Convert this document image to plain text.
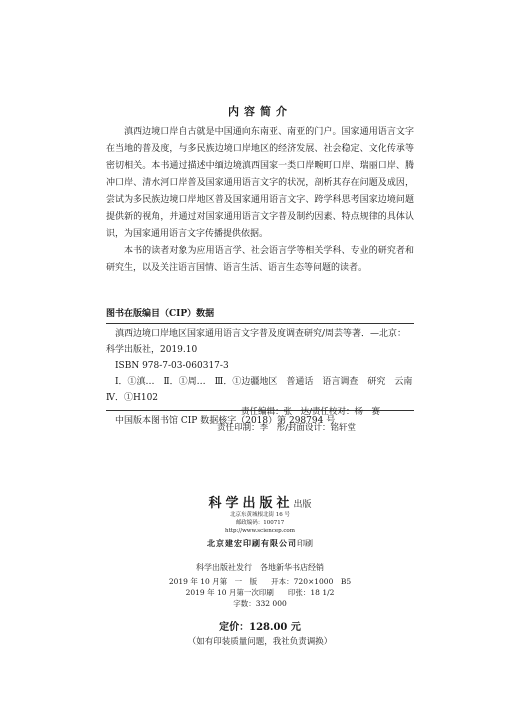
内容简介

滇西边境口岸自古就是中国通向东南亚、南亚的门户。国家通用语言文字在当地的普及度，与多民族边境口岸地区的经济发展、社会稳定、文化传承等密切相关。本书通过描述中缅边境滇西国家一类口岸畹町口岸、瑞丽口岸、腾冲口岸、清水河口岸普及国家通用语言文字的状况，剖析其存在问题及成因，尝试为多民族边境口岸地区普及国家通用语言文字、跨学科思考国家边境问题提供新的视角，并通过对国家通用语言文字普及制约因素、特点规律的具体认识，为国家通用语言文字传播提供依据。

本书的读者对象为应用语言学、社会语言学等相关学科、专业的研究者和研究生，以及关注语言国情、语言生活、语言生态等问题的读者。

图书在版编目（CIP）数据
滇西边境口岸地区国家通用语言文字普及度调查研究/周芸等著．—北京：
科学出版社，2019.10
ISBN 978-7-03-060317-3
Ⅰ．①滇…　Ⅱ．①周…　Ⅲ．①边疆地区　普通话　语言调查　研究　云南
Ⅳ．①H102
中国版本图书馆 CIP 数据核字（2018）第 298794 号
责任编辑：张　达/责任校对：杨　赛
责任印制：李　彤/封面设计：铭轩堂
科学出版社出版
北京东黄城根北街 16 号
邮政编码：100717
http://www.sciencep.com
北京建宏印刷有限公司印刷
科学出版社发行　各地新华书店经销
2019 年 10 月第　一　版 开本：720×1000　B5
2019 年 10 月第一次印刷 印张：18 1/2
字数：332 000
定价：128.00 元
（如有印装质量问题，我社负责调换）
